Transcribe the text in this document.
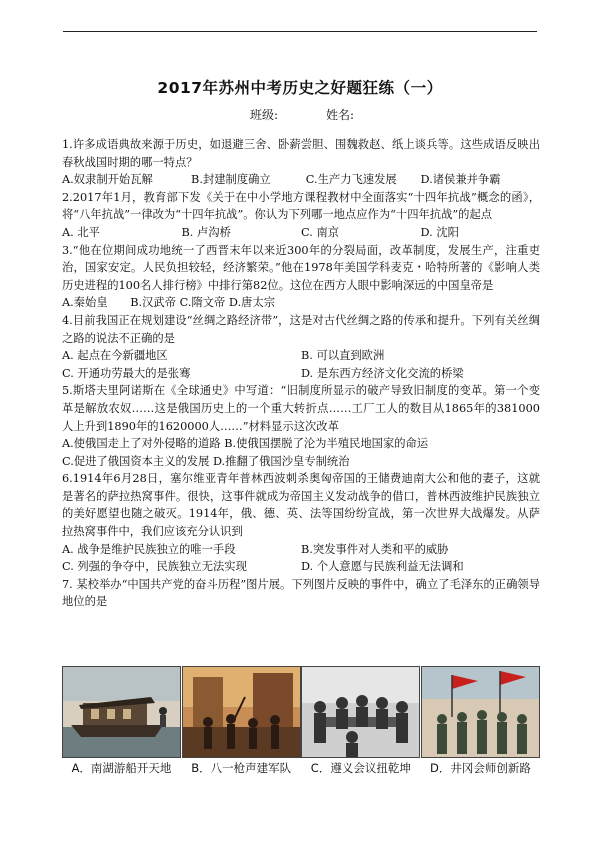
2017年苏州中考历史之好题狂练（一）
班级:	姓名:

1.许多成语典故来源于历史，如退避三舍、卧薪尝胆、围魏救赵、纸上谈兵等。这些成语反映出春秋战国时期的哪一特点？

A.奴隶制开始瓦解	B.封建制度确立	C.生产力飞速发展	D.诸侯兼并争霸

2.2017年1月，教育部下发《关于在中小学地方课程教材中全面落实“十四年抗战”概念的函》，将“八年抗战”一律改为“十四年抗战”。你认为下列哪一地点应作为“十四年抗战”的起点

A. 北平	B. 卢沟桥	C. 南京	D. 沈阳

3.“他在位期间成功地统一了西晋末年以来近300年的分裂局面，改革制度，发展生产，注重吏治，国家安定。人民负担较轻，经济繁荣。”他在1978年美国学科麦克・哈特所著的《影响人类历史进程的100名人排行榜》中排行第82位。这位在西方人眼中影响深远的中国皇帝是

A.秦始皇　　B.汉武帝 C.隋文帝 D.唐太宗

4.目前我国正在规划建设“丝绸之路经济带”，这是对古代丝绸之路的传承和提升。下列有关丝绸之路的说法不正确的是

A. 起点在今新疆地区	B. 可以直到欧洲
C. 开通功劳最大的是张骞	D. 是东西方经济文化交流的桥梁

5.斯塔夫里阿诺斯在《全球通史》中写道：“旧制度所显示的破产导致旧制度的变革。第一个变革是解放农奴……这是俄国历史上的一个重大转折点……工厂工人的数目从1865年的381000人上升到1890年的1620000人……”材料显示这次改革

A.使俄国走上了对外侵略的道路 B.使俄国摆脱了沦为半殖民地国家的命运

C.促进了俄国资本主义的发展 D.推翻了俄国沙皇专制统治

6.1914年6月28日，塞尔维亚青年普林西波刺杀奥匈帝国的王储费迪南大公和他的妻子，这就是著名的萨拉热窝事件。很快，这事件就成为帝国主义发动战争的借口，普林西波维护民族独立的美好愿望也随之破灭。1914年，俄、德、英、法等国纷纷宣战，第一次世界大战爆发。从萨拉热窝事件中，我们应该充分认识到

A. 战争是维护民族独立的唯一手段	B.突发事件对人类和平的威胁
C. 列强的争夺中，民族独立无法实现	D. 个人意愿与民族利益无法调和

7. 某校举办“中国共产党的奋斗历程”图片展。下列图片反映的事件中，确立了毛泽东的正确领导地位的是

A．南湖游船开天地	B．八一枪声建军队	C．遵义会议扭乾坤	D．井冈会师创新路
